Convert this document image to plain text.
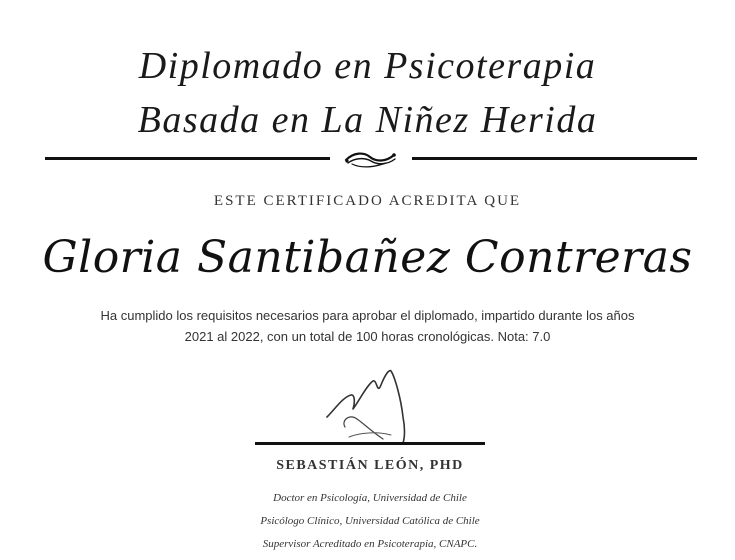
Diplomado en Psicoterapia
Basada en La Niñez Herida
ESTE CERTIFICADO ACREDITA QUE
Gloria Santibañez Contreras
Ha cumplido los requisitos necesarios para aprobar el diplomado, impartido durante los años
2021 al 2022, con un total de 100 horas cronológicas. Nota: 7.0
SEBASTIÁN LEÓN, PHD
Doctor en Psicología, Universidad de Chile
Psicólogo Clínico, Universidad Católica de Chile
Supervisor Acreditado en Psicoterapia, CNAPC.
